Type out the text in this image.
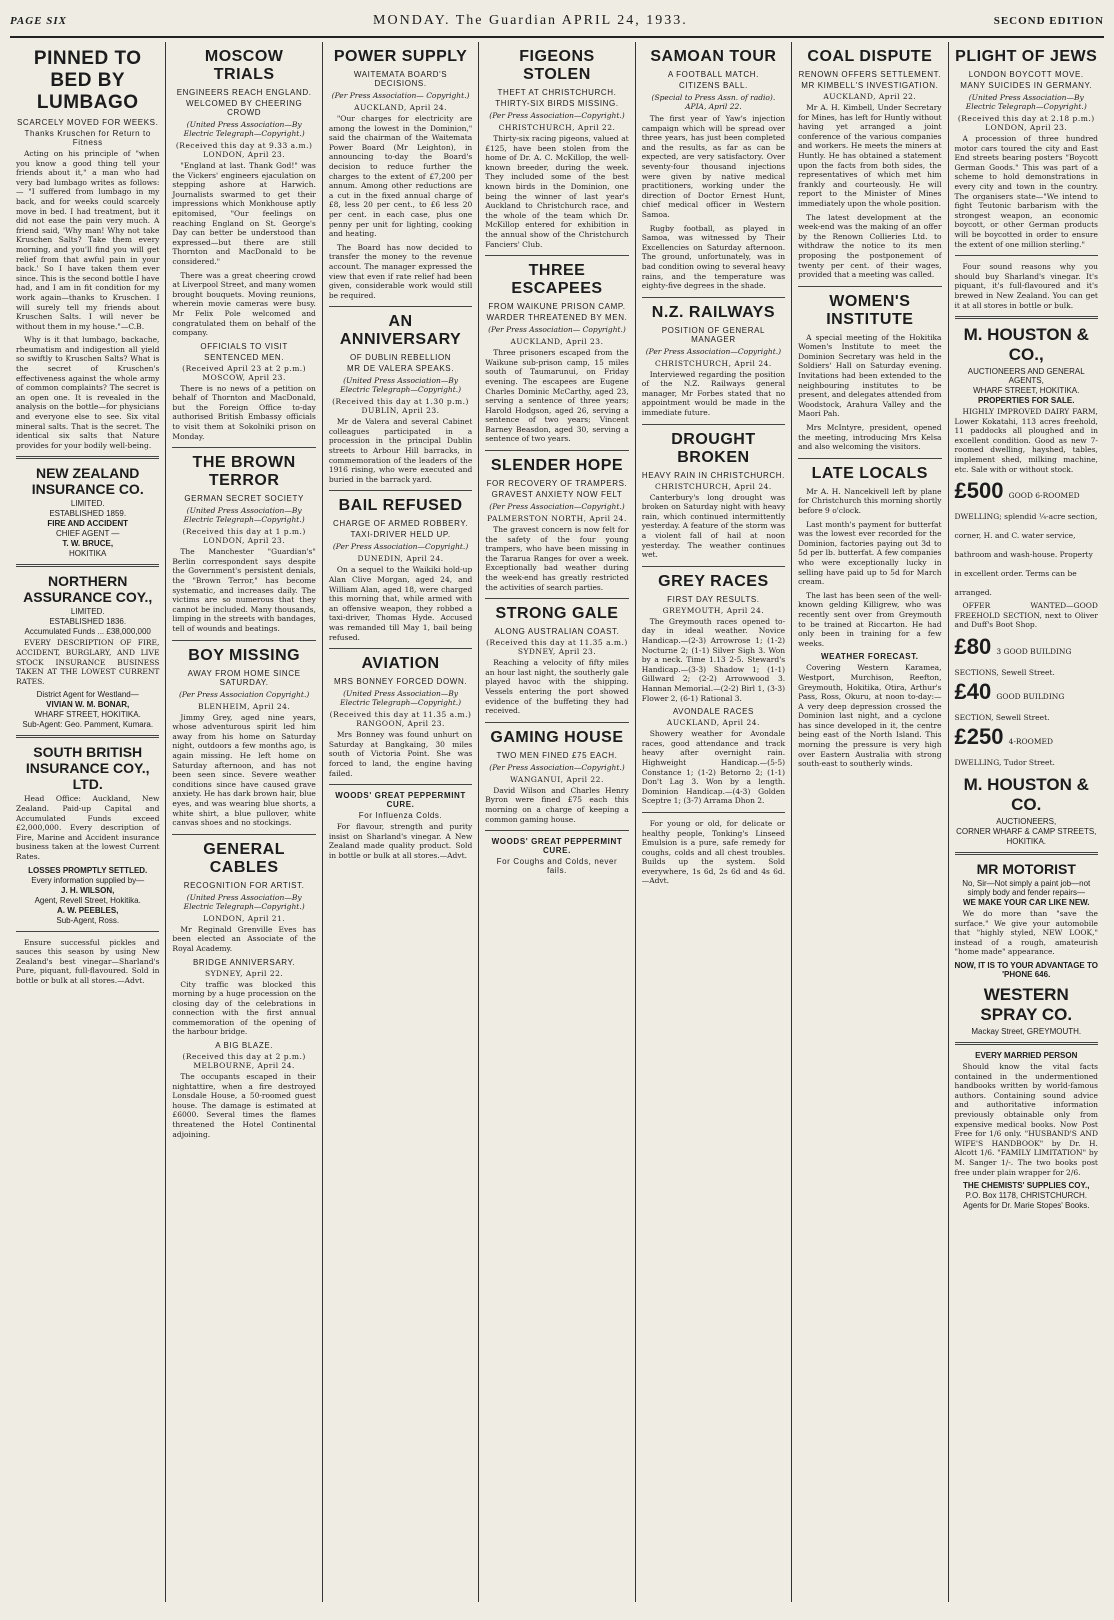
PAGE SIX	MONDAY. The Guardian APRIL 24, 1933.	SECOND EDITION
PINNED TO BED BY LUMBAGO
SCARCELY MOVED FOR WEEKS.
Thanks Kruschen for Return to Fitness

Acting on his principle of "when you know a good thing tell your friends about it," a man who had very bad lumbago writes as follows:— "I suffered from lumbago in my back, and for weeks could scarcely move in bed. I had treatment, but it did not ease the pain very much. A friend said, 'Why man! Why not take Kruschen Salts? Take them every morning, and you'll find you will get relief from that awful pain in your back.' So I have taken them ever since. This is the second bottle I have had, and I am in fit condition for my work again—thanks to Kruschen. I will surely tell my friends about Kruschen Salts. I will never be without them in my house."—C.B.

Why is it that lumbago, backache, rheumatism and indigestion all yield so swiftly to Kruschen Salts? What is the secret of Kruschen's effectiveness against the whole army of common complaints? The secret is an open one. It is revealed in the analysis on the bottle—for physicians and everyone else to see. Six vital mineral salts. That is the secret. The identical six salts that Nature provides for your bodily well-being.

NEW ZEALAND INSURANCE CO.
LIMITED.
ESTABLISHED 1859.
FIRE AND ACCIDENT
CHIEF AGENT —
T. W. BRUCE,
HOKITIKA
NORTHERN ASSURANCE COY.,
LIMITED.
ESTABLISHED 1836.
Accumulated Funds ... £38,000,000

EVERY DESCRIPTION OF FIRE, ACCIDENT, BURGLARY, AND LIVE STOCK INSURANCE BUSINESS TAKEN AT THE LOWEST CURRENT RATES.

District Agent for Westland—
VIVIAN W. M. BONAR,
WHARF STREET, HOKITIKA.
Sub-Agent: Geo. Pamment, Kumara.
SOUTH BRITISH INSURANCE COY., LTD.

Head Office: Auckland, New Zealand. Paid-up Capital and Accumulated Funds exceed £2,000,000. Every description of Fire, Marine and Accident insurance business taken at the lowest Current Rates.

LOSSES PROMPTLY SETTLED.
Every information supplied by—
J. H. WILSON,
Agent, Revell Street, Hokitika.
A. W. PEEBLES,
Sub-Agent, Ross.

Ensure successful pickles and sauces this season by using New Zealand's best vinegar—Sharland's Pure, piquant, full-flavoured. Sold in bottle or bulk at all stores.—Advt.

MOSCOW TRIALS
ENGINEERS REACH ENGLAND.
WELCOMED BY CHEERING CROWD
(United Press Association—By Electric Telegraph—Copyright.)
(Received this day at 9.33 a.m.) LONDON, April 23.

"England at last. Thank God!" was the Vickers' engineers ejaculation on stepping ashore at Harwich. Journalists swarmed to get their impressions which Monkhouse aptly epitomised, "Our feelings on reaching England on St. George's Day can better be understood than expressed—but there are still Thornton and MacDonald to be considered."

There was a great cheering crowd at Liverpool Street, and many women brought bouquets. Moving reunions, wherein movie cameras were busy. Mr Felix Pole welcomed and congratulated them on behalf of the company.

OFFICIALS TO VISIT
SENTENCED MEN.
(Received April 23 at 2 p.m.) MOSCOW, April 23.

There is no news of a petition on behalf of Thornton and MacDonald, but the Foreign Office to-day authorised British Embassy officials to visit them at Sokolniki prison on Monday.

THE BROWN TERROR
GERMAN SECRET SOCIETY
(United Press Association—By Electric Telegraph—Copyright.)
(Received this day at 1 p.m.) LONDON, April 23.

The Manchester "Guardian's" Berlin correspondent says despite the Government's persistent denials, the "Brown Terror," has become systematic, and increases daily. The victims are so numerous that they cannot be included. Many thousands, limping in the streets with bandages, tell of wounds and beatings.

BOY MISSING
AWAY FROM HOME SINCE SATURDAY.
(Per Press Association Copyright.)
BLENHEIM, April 24.

Jimmy Grey, aged nine years, whose adventurous spirit led him away from his home on Saturday night, outdoors a few months ago, is again missing. He left home on Saturday afternoon, and has not been seen since. Severe weather conditions since have caused grave anxiety. He has dark brown hair, blue eyes, and was wearing blue shorts, a white shirt, a blue pullover, white canvas shoes and no stockings.

GENERAL CABLES
RECOGNITION FOR ARTIST.
(United Press Association—By Electric Telegraph—Copyright.)
LONDON, April 21.

Mr Reginald Grenville Eves has been elected an Associate of the Royal Academy.

BRIDGE ANNIVERSARY.
SYDNEY, April 22.

City traffic was blocked this morning by a huge procession on the closing day of the celebrations in connection with the first annual commemoration of the opening of the harbour bridge.

A BIG BLAZE.
(Received this day at 2 p.m.) MELBOURNE, April 24.

The occupants escaped in their nightattire, when a fire destroyed Lonsdale House, a 50-roomed guest house. The damage is estimated at £6000. Several times the flames threatened the Hotel Continental adjoining.

POWER SUPPLY
WAITEMATA BOARD'S DECISIONS.
(Per Press Association— Copyright.)
AUCKLAND, April 24.

"Our charges for electricity are among the lowest in the Dominion," said the chairman of the Waitemata Power Board (Mr Leighton), in announcing to-day the Board's decision to reduce further the charges to the extent of £7,200 per annum. Among other reductions are a cut in the fixed annual charge of £8, less 20 per cent., to £6 less 20 per cent. in each case, plus one penny per unit for lighting, cooking and heating.

The Board has now decided to transfer the money to the revenue account. The manager expressed the view that even if rate relief had been given, considerable work would still be required.

AN ANNIVERSARY
OF DUBLIN REBELLION
MR DE VALERA SPEAKS.
(United Press Association—By Electric Telegraph—Copyright.)
(Received this day at 1.30 p.m.) DUBLIN, April 23.

Mr de Valera and several Cabinet colleagues participated in a procession in the principal Dublin streets to Arbour Hill barracks, in commemoration of the leaders of the 1916 rising, who were executed and buried in the barrack yard.

BAIL REFUSED
CHARGE OF ARMED ROBBERY.
TAXI-DRIVER HELD UP.
(Per Press Association—Copyright.)
DUNEDIN, April 24.

On a sequel to the Waikiki hold-up Alan Clive Morgan, aged 24, and William Alan, aged 18, were charged this morning that, while armed with an offensive weapon, they robbed a taxi-driver, Thomas Hyde. Accused was remanded till May 1, bail being refused.

AVIATION
MRS BONNEY FORCED DOWN.
(United Press Association—By Electric Telegraph—Copyright.)
(Received this day at 11.35 a.m.) RANGOON, April 23.

Mrs Bonney was found unhurt on Saturday at Bangkaing, 30 miles south of Victoria Point. She was forced to land, the engine having failed.

WOODS' GREAT PEPPERMINT CURE.
For Influenza Colds.

For flavour, strength and purity insist on Sharland's vinegar. A New Zealand made quality product. Sold in bottle or bulk at all stores.—Advt.

FIGEONS STOLEN
THEFT AT CHRISTCHURCH.
THIRTY-SIX BIRDS MISSING.
(Per Press Association—Copyright.)
CHRISTCHURCH, April 22.

Thirty-six racing pigeons, valued at £125, have been stolen from the home of Dr. A. C. McKillop, the well-known breeder, during the week. They included some of the best known birds in the Dominion, one being the winner of last year's Auckland to Christchurch race, and the whole of the team which Dr. McKillop entered for exhibition in the annual show of the Christchurch Fanciers' Club.

THREE ESCAPEES
FROM WAIKUNE PRISON CAMP.
WARDER THREATENED BY MEN.
(Per Press Association— Copyright.)
AUCKLAND, April 23.

Three prisoners escaped from the Waikune sub-prison camp, 15 miles south of Taumarunui, on Friday evening. The escapees are Eugene Charles Dominic McCarthy, aged 23, serving a sentence of three years; Harold Hodgson, aged 26, serving a sentence of two years; Vincent Barney Beasdon, aged 30, serving a sentence of two years.

SLENDER HOPE
FOR RECOVERY OF TRAMPERS.
GRAVEST ANXIETY NOW FELT
(Per Press Association—Copyright.)
PALMERSTON NORTH, April 24.

The gravest concern is now felt for the safety of the four young trampers, who have been missing in the Tararua Ranges for over a week. Exceptionally bad weather during the week-end has greatly restricted the activities of search parties.

STRONG GALE
ALONG AUSTRALIAN COAST.
(Received this day at 11.35 a.m.) SYDNEY, April 23.

Reaching a velocity of fifty miles an hour last night, the southerly gale played havoc with the shipping. Vessels entering the port showed evidence of the buffeting they had received.

GAMING HOUSE
TWO MEN FINED £75 EACH.
(Per Press Association—Copyright.)
WANGANUI, April 22.

David Wilson and Charles Henry Byron were fined £75 each this morning on a charge of keeping a common gaming house.

WOODS' GREAT PEPPERMINT CURE.
For Coughs and Colds, never fails.
SAMOAN TOUR
A FOOTBALL MATCH.
CITIZENS BALL.
(Special to Press Assn. of radio). APIA, April 22.

The first year of Yaw's injection campaign which will be spread over three years, has just been completed and the results, as far as can be expected, are very satisfactory. Over seventy-four thousand injections were given by native medical practitioners, working under the direction of Doctor Ernest Hunt, chief medical officer in Western Samoa.

Rugby football, as played in Samoa, was witnessed by Their Excellencies on Saturday afternoon. The ground, unfortunately, was in bad condition owing to several heavy rains, and the temperature was eighty-five degrees in the shade.

N.Z. RAILWAYS
POSITION OF GENERAL MANAGER
(Per Press Association—Copyright.)
CHRISTCHURCH, April 24.

Interviewed regarding the position of the N.Z. Railways general manager, Mr Forbes stated that no appointment would be made in the immediate future.

DROUGHT BROKEN
HEAVY RAIN IN CHRISTCHURCH.
CHRISTCHURCH, April 24.

Canterbury's long drought was broken on Saturday night with heavy rain, which continued intermittently yesterday. A feature of the storm was a violent fall of hail at noon yesterday. The weather continues wet.

GREY RACES
FIRST DAY RESULTS.
GREYMOUTH, April 24.

The Greymouth races opened to-day in ideal weather. Novice Handicap.—(2-3) Arrowrose 1; (1-2) Nocturne 2; (1-1) Silver Sigh 3. Won by a neck. Time 1.13 2-5. Steward's Handicap.—(3-3) Shadow 1; (1-1) Gillward 2; (2-2) Arrowwood 3. Hannan Memorial.—(2-2) Birl 1, (3-3) Flower 2, (6-1) Rational 3.

AVONDALE RACES
AUCKLAND, April 24.

Showery weather for Avondale races, good attendance and track heavy after overnight rain. Highweight Handicap.—(5-5) Constance 1; (1-2) Betorno 2; (1-1) Don't Lag 3. Won by a length. Dominion Handicap.—(4-3) Golden Sceptre 1; (3-7) Arrama Dhon 2.

For young or old, for delicate or healthy people, Tonking's Linseed Emulsion is a pure, safe remedy for coughs, colds and all chest troubles. Builds up the system. Sold everywhere, 1s 6d, 2s 6d and 4s 6d.—Advt.

COAL DISPUTE
RENOWN OFFERS SETTLEMENT.
MR KIMBELL'S INVESTIGATION.
AUCKLAND, April 22.

Mr A. H. Kimbell, Under Secretary for Mines, has left for Huntly without having yet arranged a joint conference of the various companies and workers. He meets the miners at Huntly. He has obtained a statement upon the facts from both sides, the representatives of which met him frankly and courteously. He will report to the Minister of Mines immediately upon the whole position.

The latest development at the week-end was the making of an offer by the Renown Collieries Ltd. to withdraw the notice to its men proposing the postponement of twenty per cent. of their wages, provided that a meeting was called.

WOMEN'S INSTITUTE

A special meeting of the Hokitika Women's Institute to meet the Dominion Secretary was held in the Soldiers' Hall on Saturday evening. Invitations had been extended to the neighbouring institutes to be present, and delegates attended from Woodstock, Arahura Valley and the Maori Pah.

Mrs McIntyre, president, opened the meeting, introducing Mrs Kelsa and also welcoming the visitors.

LATE LOCALS

Mr A. H. Nancekivell left by plane for Christchurch this morning shortly before 9 o'clock.

Last month's payment for butterfat was the lowest ever recorded for the Dominion, factories paying out 3d to 5d per lb. butterfat. A few companies who were exceptionally lucky in selling have paid up to 5d for March cream.

The last has been seen of the well-known gelding Killigrew, who was recently sent over from Greymouth to be trained at Riccarton. He had only been in training for a few weeks.

WEATHER FORECAST.

Covering Western Karamea, Westport, Murchison, Reefton, Greymouth, Hokitika, Otira, Arthur's Pass, Ross, Okuru, at noon to-day:— A very deep depression crossed the Dominion last night, and a cyclone has since developed in it, the centre being east of the North Island. This morning the pressure is very high over Eastern Australia with strong south-east to southerly winds.

PLIGHT OF JEWS
LONDON BOYCOTT MOVE.
MANY SUICIDES IN GERMANY.
(United Press Association—By Electric Telegraph—Copyright.)
(Received this day at 2.18 p.m.) LONDON, April 23.

A procession of three hundred motor cars toured the city and East End streets bearing posters "Boycott German Goods." This was part of a scheme to hold demonstrations in every city and town in the country. The organisers state—"We intend to fight Teutonic barbarism with the strongest weapon, an economic boycott, or other German products will be boycotted in order to ensure the extent of one million sterling."

Four sound reasons why you should buy Sharland's vinegar. It's piquant, it's full-flavoured and it's brewed in New Zealand. You can get it at all stores in bottle or bulk.

M. HOUSTON & CO.,
AUCTIONEERS AND GENERAL AGENTS,
WHARF STREET, HOKITIKA.
PROPERTIES FOR SALE.

HIGHLY IMPROVED DAIRY FARM, Lower Kokatahi, 113 acres freehold, 11 paddocks all ploughed and in excellent condition. Good as new 7-roomed dwelling, hayshed, tables, implement shed, milking machine, etc. Sale with or without stock.

£500 GOOD 6-ROOMED DWELLING; splendid ¼-acre section, corner, H. and C. water service, bathroom and wash-house. Property in excellent order. Terms can be arranged.

OFFER WANTED—GOOD FREEHOLD SECTION, next to Oliver and Duff's Boot Shop.

£80 3 GOOD BUILDING SECTIONS, Sewell Street.
£40 GOOD BUILDING SECTION, Sewell Street.
£250 4-ROOMED DWELLING, Tudor Street.
M. HOUSTON & CO.
AUCTIONEERS,
CORNER WHARF & CAMP STREETS,
HOKITIKA.
MR MOTORIST
No, Sir—Not simply a paint job—not simply body and fender repairs—
WE MAKE YOUR CAR LIKE NEW.

We do more than "save the surface." We give your automobile that "highly styled, NEW LOOK," instead of a rough, amateurish "home made" appearance.

NOW, IT IS TO YOUR ADVANTAGE TO 'PHONE 646.
WESTERN SPRAY CO.
Mackay Street, GREYMOUTH.
EVERY MARRIED PERSON

Should know the vital facts contained in the undermentioned handbooks written by world-famous authors. Containing sound advice and authoritative information previously obtainable only from expensive medical books. Now Post Free for 1/6 only. "HUSBAND'S AND WIFE'S HANDBOOK" by Dr. H. Alcott 1/6. "FAMILY LIMITATION" by M. Sanger 1/-. The two books post free under plain wrapper for 2/6.

THE CHEMISTS' SUPPLIES COY.,
P.O. Box 1178, CHRISTCHURCH.
Agents for Dr. Marie Stopes' Books.
